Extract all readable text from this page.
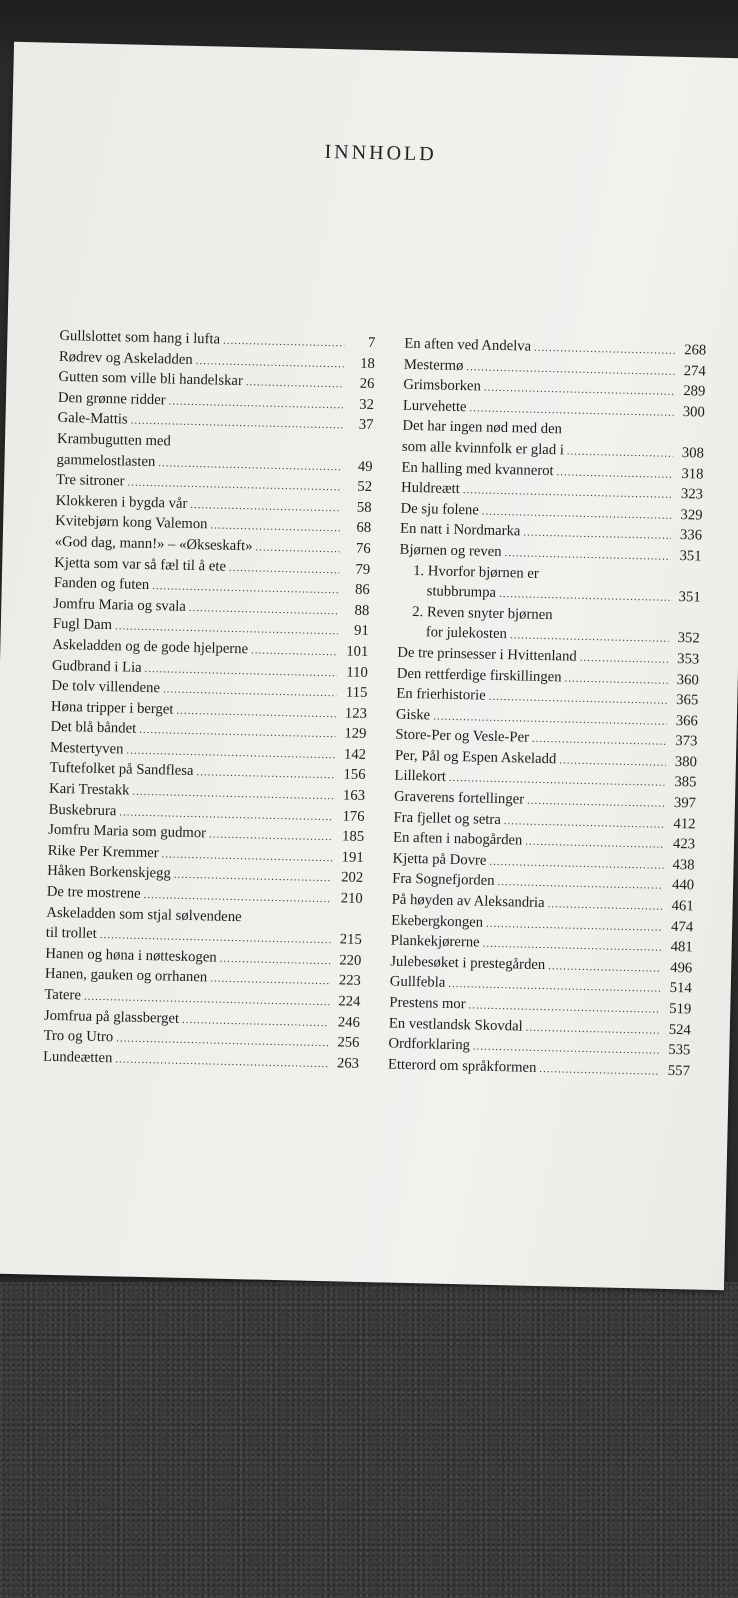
INNHOLD
Gullslottet som hang i lufta .....	7
Rødrev og Askeladden .....	18
Gutten som ville bli handelskar .....	26
Den grønne ridder .....	32
Gale-Mattis .....	37
Krambugutten med
gammelostlasten .....	49
Tre sitroner .....	52
Klokkeren i bygda vår .....	58
Kvitebjørn kong Valemon .....	68
«God dag, mann!» – «Økseskaft» .....	76
Kjetta som var så fæl til å ete .....	79
Fanden og futen .....	86
Jomfru Maria og svala .....	88
Fugl Dam .....	91
Askeladden og de gode hjelperne .....	101
Gudbrand i Lia .....	110
De tolv villendene .....	115
Høna tripper i berget .....	123
Det blå båndet .....	129
Mestertyven .....	142
Tuftefolket på Sandflesa .....	156
Kari Trestakk .....	163
Buskebrura .....	176
Jomfru Maria som gudmor .....	185
Rike Per Kremmer .....	191
Håken Borkenskjegg .....	202
De tre mostrene .....	210
Askeladden som stjal sølvendene
til trollet .....	215
Hanen og høna i nøtteskogen .....	220
Hanen, gauken og orrhanen .....	223
Tatere .....	224
Jomfrua på glassberget .....	246
Tro og Utro .....	256
Lundeætten .....	263
En aften ved Andelva .....	268
Mestermø .....	274
Grimsborken .....	289
Lurvehette .....	300
Det har ingen nød med den
som alle kvinnfolk er glad i .....	308
En halling med kvannerot .....	318
Huldreætt .....	323
De sju folene .....	329
En natt i Nordmarka .....	336
Bjørnen og reven .....	351
1. Hvorfor bjørnen er
stubbrumpa .....	351
2. Reven snyter bjørnen
for julekosten .....	352
De tre prinsesser i Hvittenland .....	353
Den rettferdige firskillingen .....	360
En frierhistorie .....	365
Giske .....	366
Store-Per og Vesle-Per .....	373
Per, Pål og Espen Askeladd .....	380
Lillekort .....	385
Graverens fortellinger .....	397
Fra fjellet og setra .....	412
En aften i nabogården .....	423
Kjetta på Dovre .....	438
Fra Sognefjorden .....	440
På høyden av Aleksandria .....	461
Ekebergkongen .....	474
Plankekjørerne .....	481
Julebesøket i prestegården .....	496
Gullfebla .....	514
Prestens mor .....	519
En vestlandsk Skovdal .....	524
Ordforklaring .....	535
Etterord om språkformen .....	557
